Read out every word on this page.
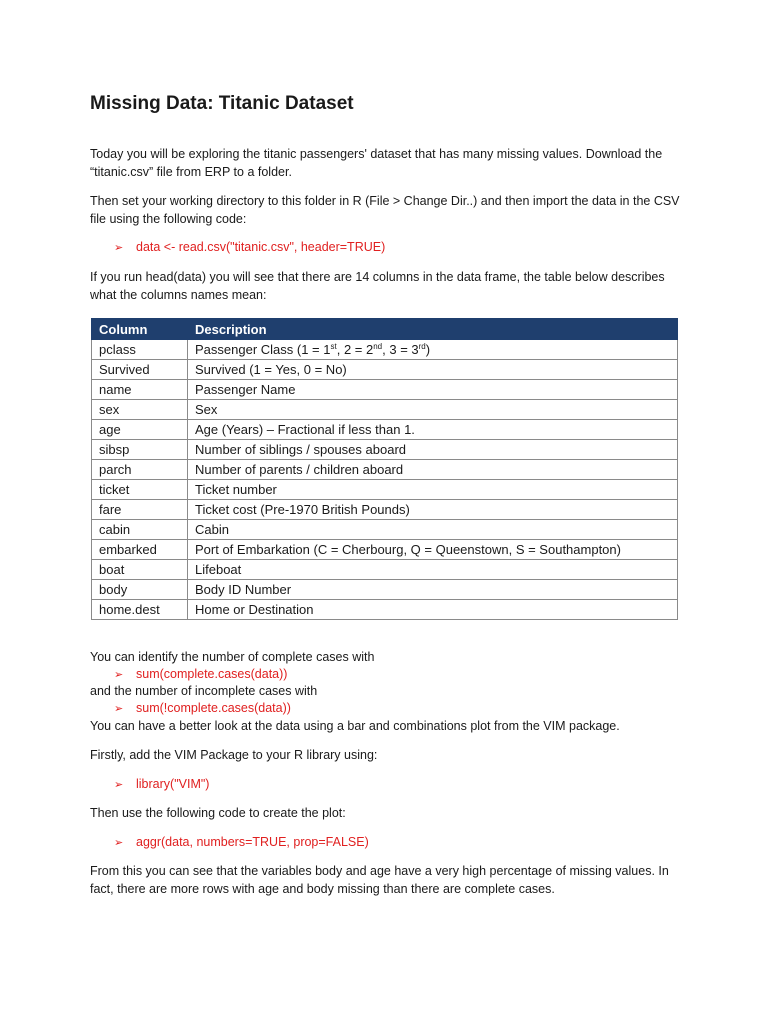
Missing Data: Titanic Dataset

Today you will be exploring the titanic passengers' dataset that has many missing values. Download the “titanic.csv” file from ERP to a folder.

Then set your working directory to this folder in R (File > Change Dir..) and then import the data in the CSV file using the following code:

➢ data <- read.csv("titanic.csv", header=TRUE)

If you run head(data) you will see that there are 14 columns in the data frame, the table below describes what the columns names mean:

Column	Description
pclass	Passenger Class (1 = 1st, 2 = 2nd, 3 = 3rd)
Survived	Survived (1 = Yes, 0 = No)
name	Passenger Name
sex	Sex
age	Age (Years) – Fractional if less than 1.
sibsp	Number of siblings / spouses aboard
parch	Number of parents / children aboard
ticket	Ticket number
fare	Ticket cost (Pre-1970 British Pounds)
cabin	Cabin
embarked	Port of Embarkation (C = Cherbourg, Q = Queenstown, S = Southampton)
boat	Lifeboat
body	Body ID Number
home.dest	Home or Destination

You can identify the number of complete cases with

➢ sum(complete.cases(data))

and the number of incomplete cases with

➢ sum(!complete.cases(data))

You can have a better look at the data using a bar and combinations plot from the VIM package.

Firstly, add the VIM Package to your R library using:

➢ library("VIM")

Then use the following code to create the plot:

➢ aggr(data, numbers=TRUE, prop=FALSE)

From this you can see that the variables body and age have a very high percentage of missing values. In fact, there are more rows with age and body missing than there are complete cases.
